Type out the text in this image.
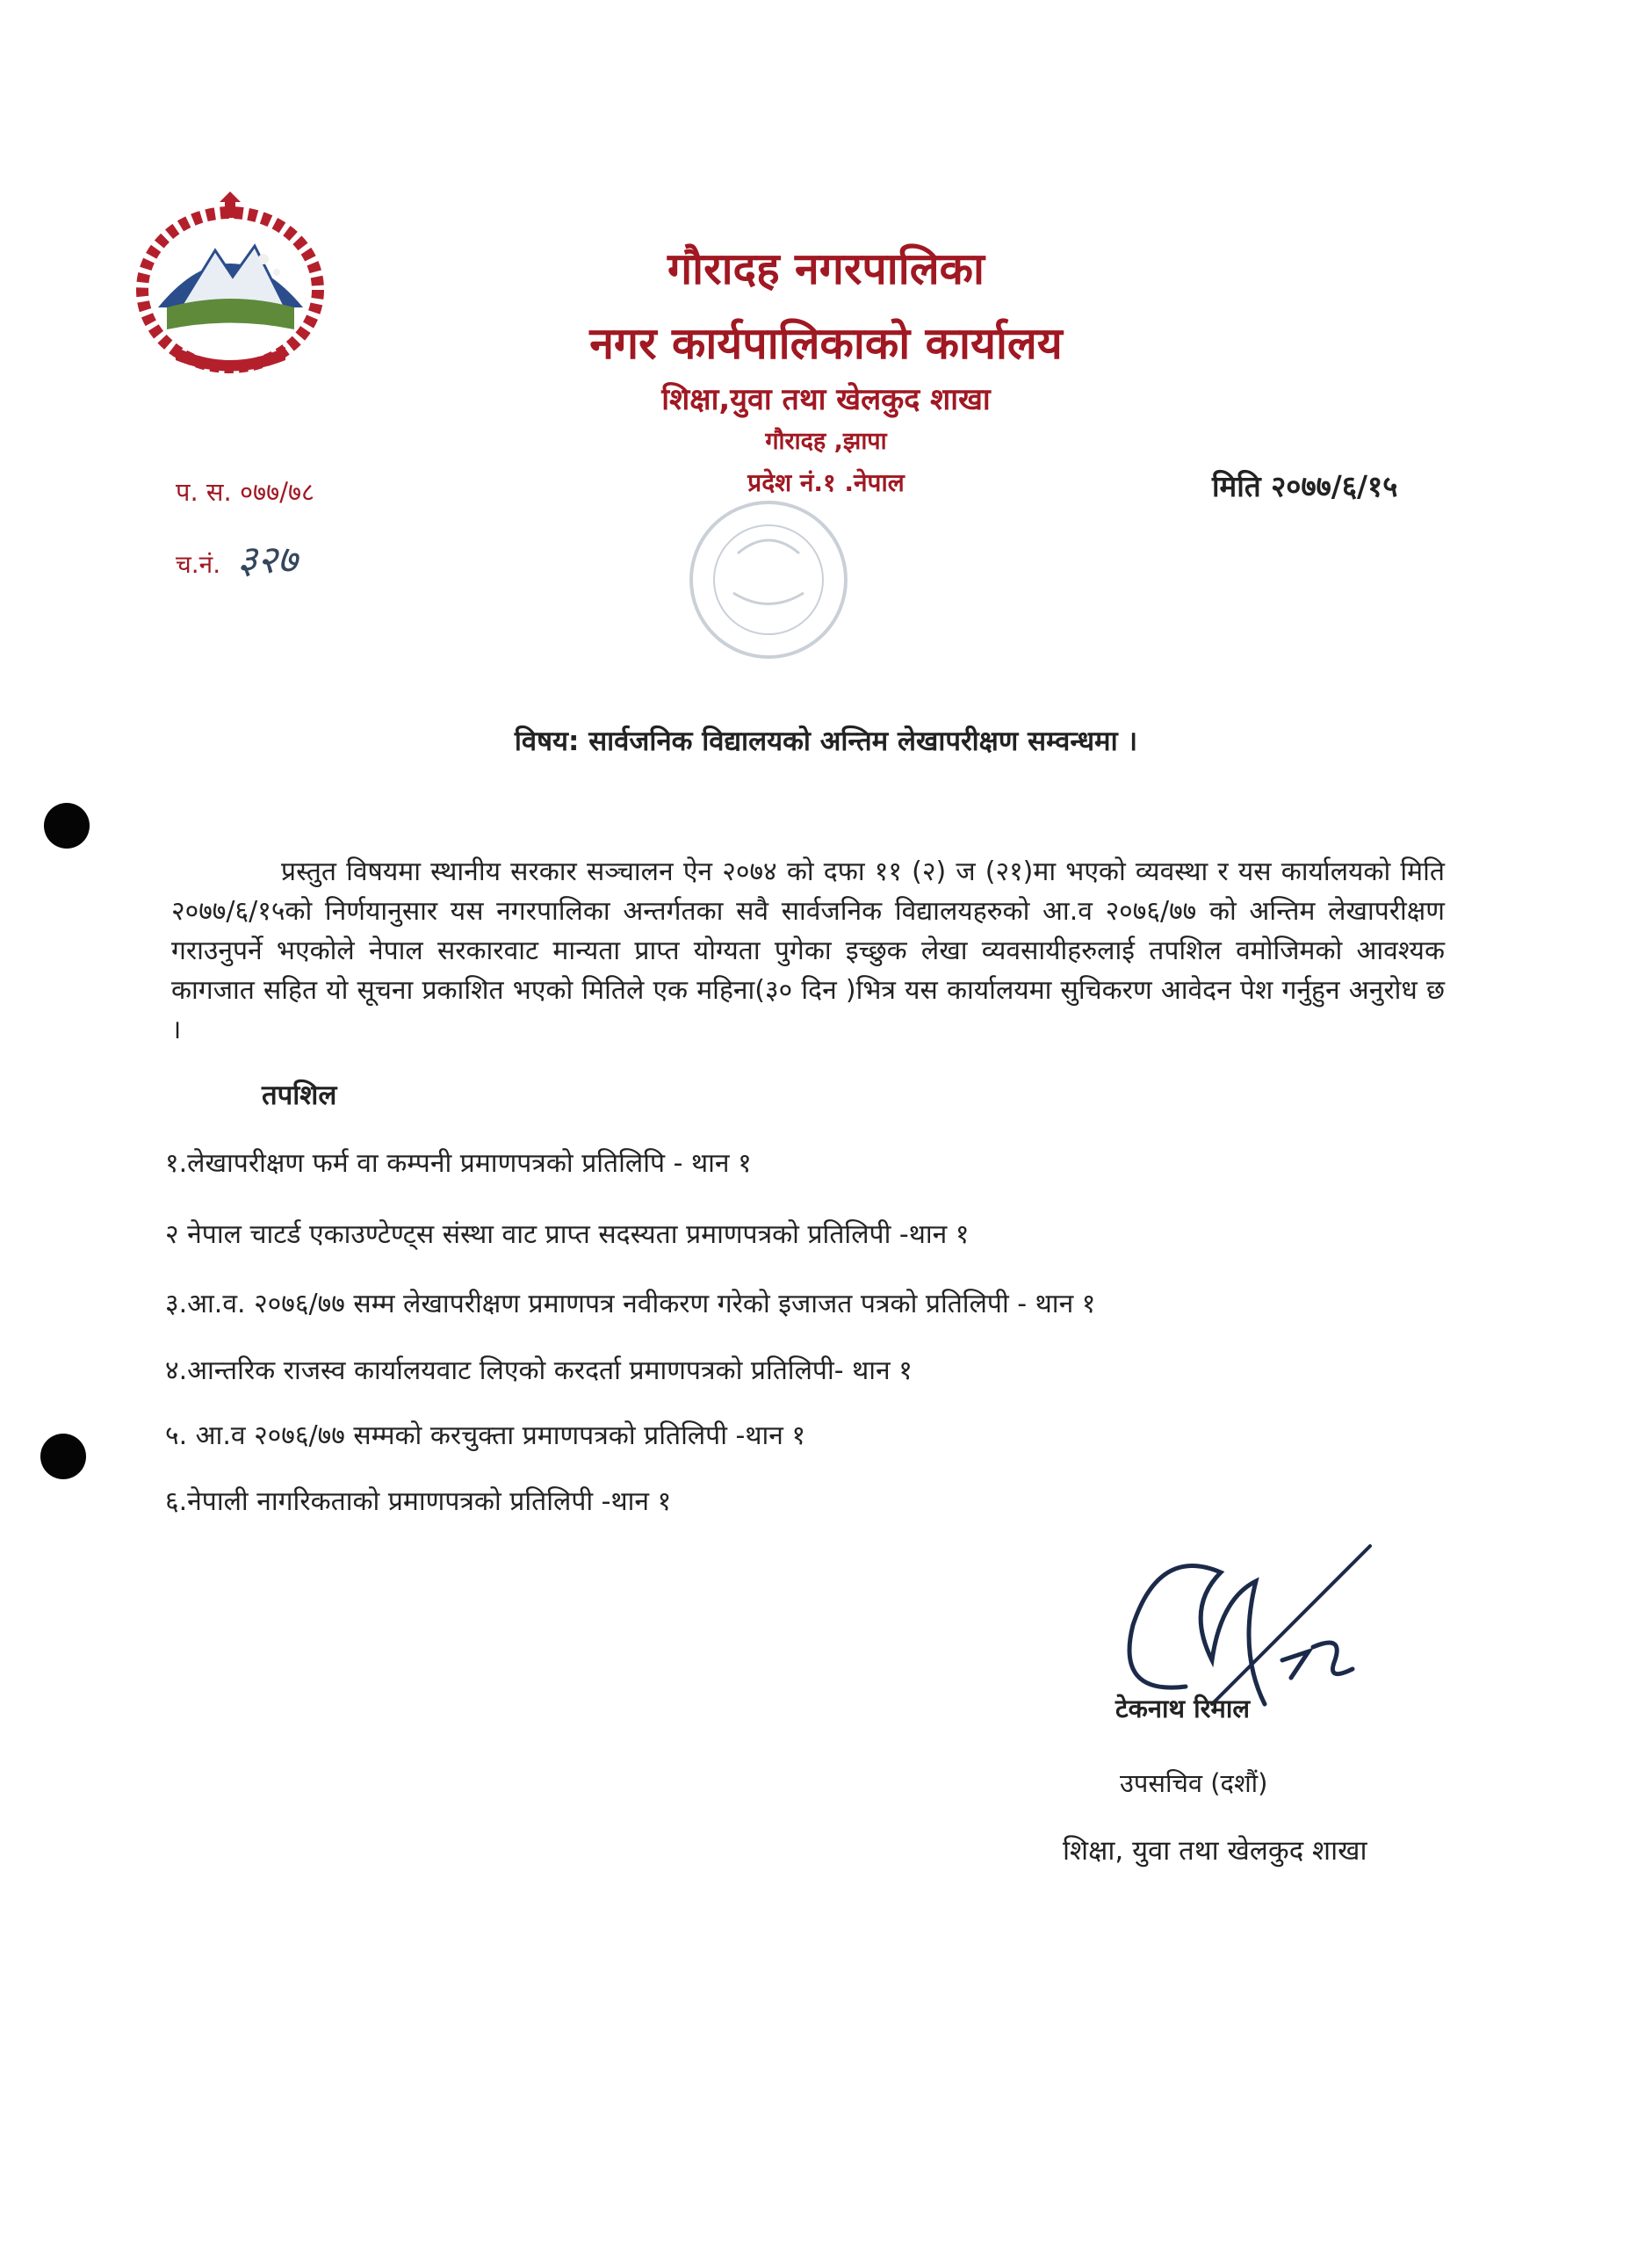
गौरादह नगरपालिका
नगर कार्यपालिकाको कार्यालय
शिक्षा,युवा तथा खेलकुद शाखा
गौरादह ,झापा
प्रदेश नं.१ .नेपाल
प. स. ०७७/७८	मिति २०७७/६/१५
च.नं. ३२७
विषय: सार्वजनिक विद्यालयको अन्तिम लेखापरीक्षण सम्वन्धमा ।
प्रस्तुत विषयमा स्थानीय सरकार सञ्चालन ऐन २०७४ को दफा ११ (२) ज (२१)मा भएको व्यवस्था र यस कार्यालयको मिति २०७७/६/१५को निर्णयानुसार यस नगरपालिका अन्तर्गतका सवै सार्वजनिक विद्यालयहरुको आ.व २०७६/७७ को अन्तिम लेखापरीक्षण गराउनुपर्ने भएकोले नेपाल सरकारवाट मान्यता प्राप्त योग्यता पुगेका इच्छुक लेखा व्यवसायीहरुलाई तपशिल वमोजिमको आवश्यक कागजात सहित यो सूचना प्रकाशित भएको मितिले एक महिना(३० दिन )भित्र यस कार्यालयमा सुचिकरण आवेदन पेश गर्नुहुन अनुरोध छ ।
तपशिल
१.लेखापरीक्षण फर्म वा कम्पनी प्रमाणपत्रको प्रतिलिपि - थान १
२ नेपाल चाटर्ड एकाउण्टेण्ट्स संस्था वाट प्राप्त सदस्यता प्रमाणपत्रको प्रतिलिपी -थान १
३.आ.व. २०७६/७७ सम्म लेखापरीक्षण प्रमाणपत्र नवीकरण गरेको इजाजत पत्रको प्रतिलिपी - थान १
४.आन्तरिक राजस्व कार्यालयवाट लिएको करदर्ता प्रमाणपत्रको प्रतिलिपी- थान १
५. आ.व २०७६/७७ सम्मको करचुक्ता प्रमाणपत्रको प्रतिलिपी -थान १
६.नेपाली नागरिकताको प्रमाणपत्रको प्रतिलिपी -थान १
टेकनाथ रिमाल
उपसचिव (दशौं)
शिक्षा, युवा तथा खेलकुद शाखा
